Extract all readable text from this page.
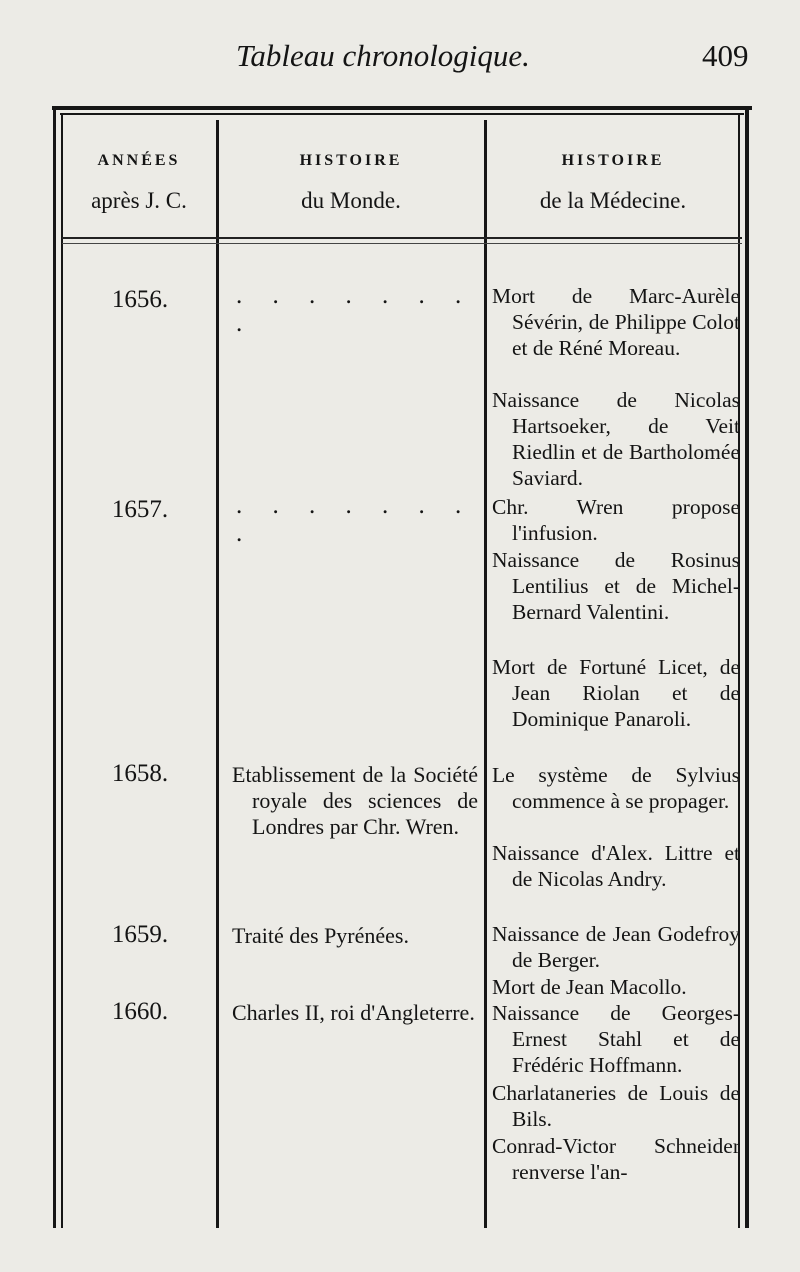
Tableau chronologique.	409
ANNÉES
après J. C.
HISTOIRE
du Monde.
HISTOIRE
de la Médecine.
1656.
1657.
1658.
1659.
1660.
. . . . . . . .
. . . . . . . .
Etablissement de la Société royale des sciences de Londres par Chr. Wren.
Traité des Pyrénées.
Charles II, roi d'Angleterre.
Mort de Marc-Aurèle Sévérin, de Philippe Colot et de Réné Moreau.
Naissance de Nicolas Hartsoeker, de Veit Riedlin et de Bartholomée Saviard.
Chr. Wren propose l'infusion.
Naissance de Rosinus Lentilius et de Michel-Bernard Valentini.
Mort de Fortuné Licet, de Jean Riolan et de Dominique Panaroli.
Le système de Sylvius commence à se propager.
Naissance d'Alex. Littre et de Nicolas Andry.
Naissance de Jean Godefroy de Berger.
Mort de Jean Macollo.
Naissance de Georges-Ernest Stahl et de Frédéric Hoffmann.
Charlataneries de Louis de Bils.
Conrad-Victor Schneider renverse l'an-
